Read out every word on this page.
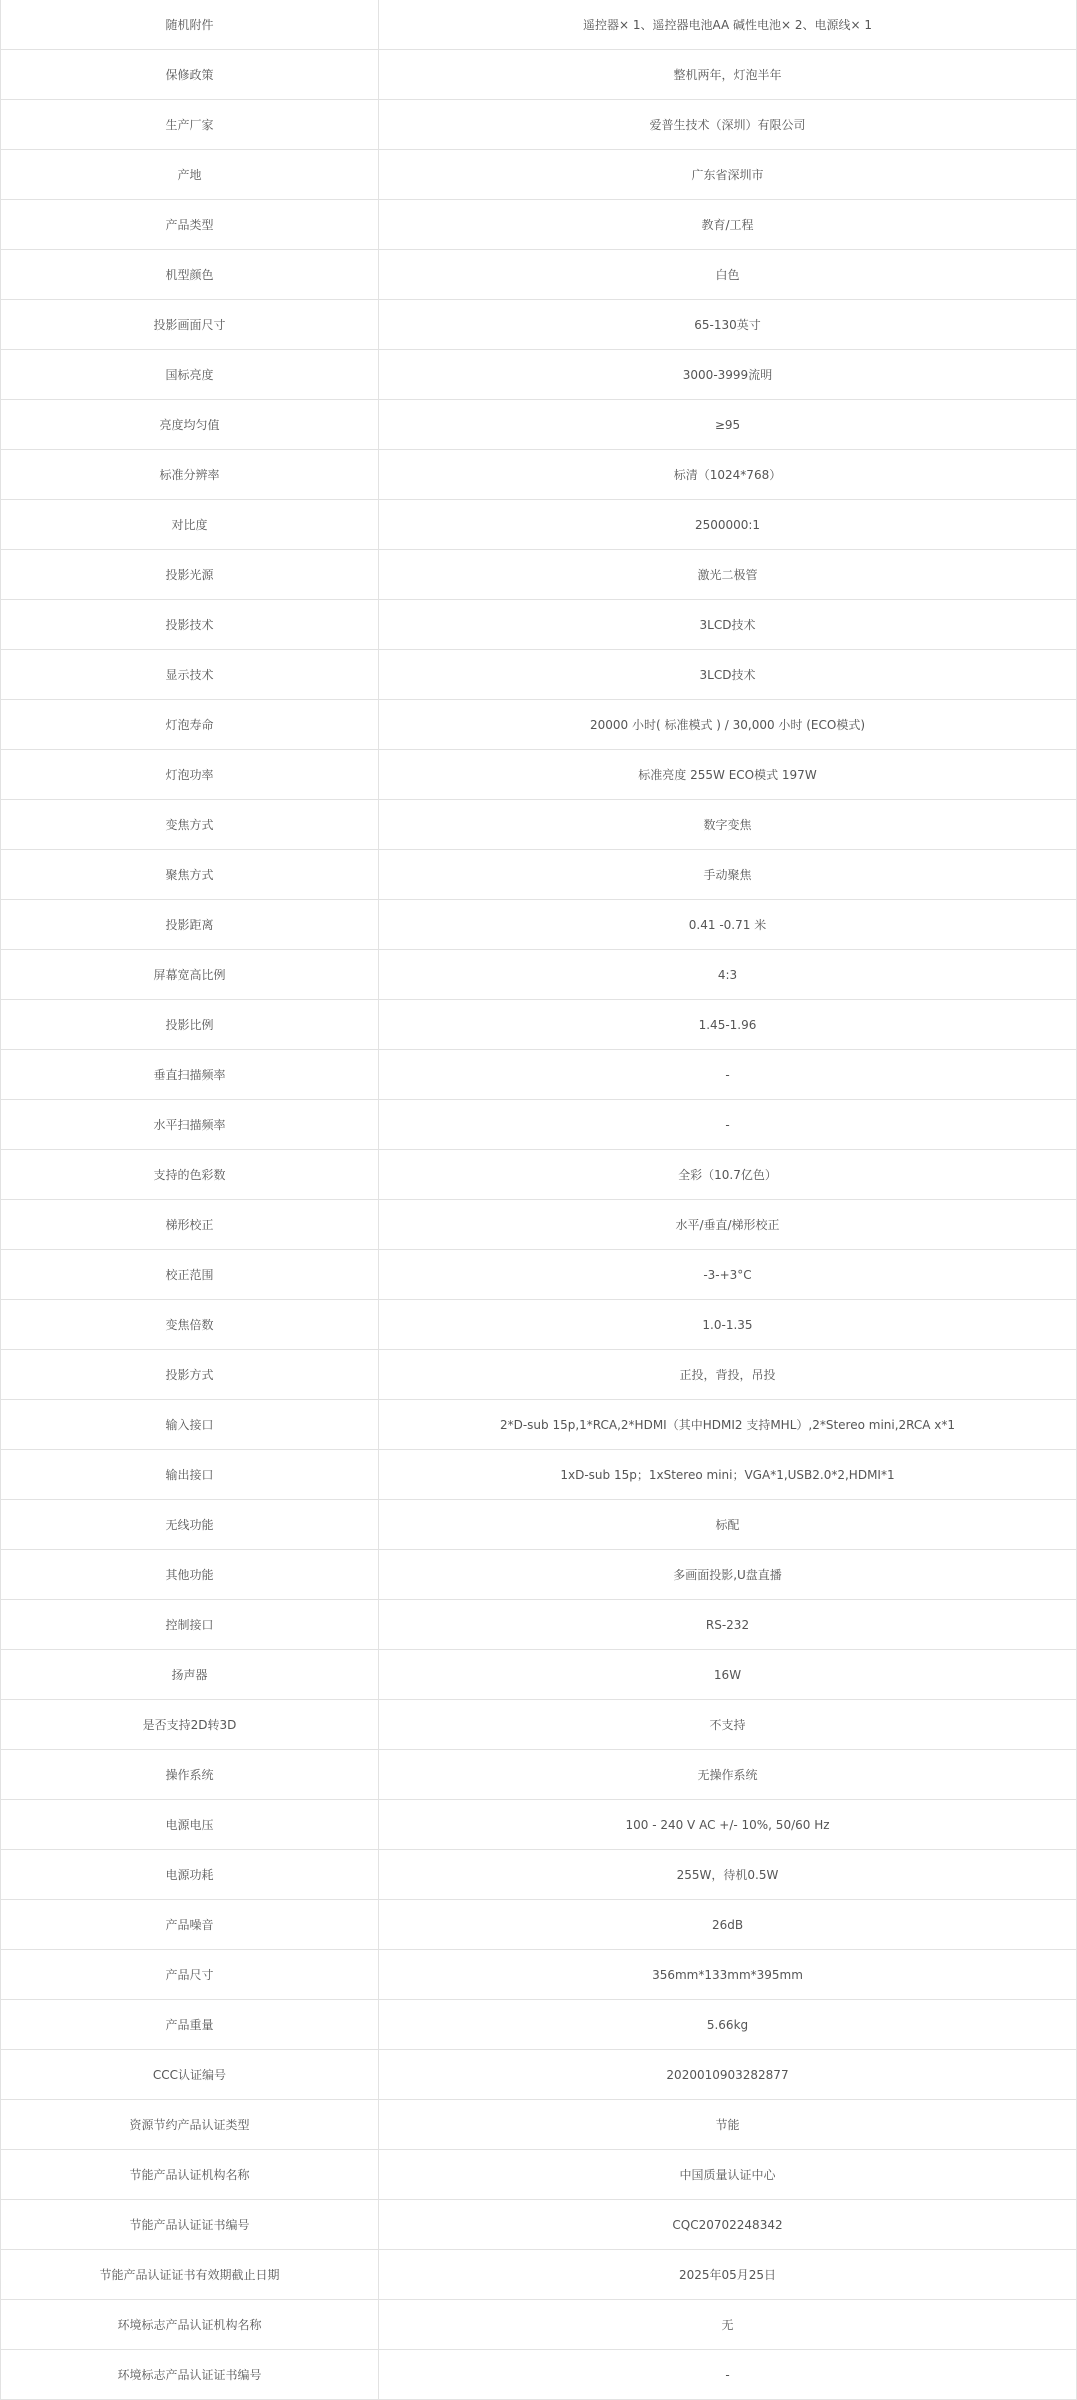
随机附件	遥控器× 1、遥控器电池AA 碱性电池× 2、电源线× 1
保修政策	整机两年，灯泡半年
生产厂家	爱普生技术（深圳）有限公司
产地	广东省深圳市
产品类型	教育/工程
机型颜色	白色
投影画面尺寸	65-130英寸
国标亮度	3000-3999流明
亮度均匀值	≥95
标准分辨率	标清（1024*768）
对比度	2500000:1
投影光源	激光二极管
投影技术	3LCD技术
显示技术	3LCD技术
灯泡寿命	20000 小时( 标准模式 ) / 30,000 小时 (ECO模式)
灯泡功率	标准亮度 255W ECO模式 197W
变焦方式	数字变焦
聚焦方式	手动聚焦
投影距离	0.41 -0.71 米
屏幕宽高比例	4:3
投影比例	1.45-1.96
垂直扫描频率	-
水平扫描频率	-
支持的色彩数	全彩（10.7亿色）
梯形校正	水平/垂直/梯形校正
校正范围	-3-+3°C
变焦倍数	1.0-1.35
投影方式	正投，背投，吊投
输入接口	2*D-sub 15p,1*RCA,2*HDMI（其中HDMI2 支持MHL）,2*Stereo mini,2RCA x*1
输出接口	1xD-sub 15p；1xStereo mini；VGA*1,USB2.0*2,HDMI*1
无线功能	标配
其他功能	多画面投影,U盘直播
控制接口	RS-232
扬声器	16W
是否支持2D转3D	不支持
操作系统	无操作系统
电源电压	100 - 240 V AC +/- 10%, 50/60 Hz
电源功耗	255W，待机0.5W
产品噪音	26dB
产品尺寸	356mm*133mm*395mm
产品重量	5.66kg
CCC认证编号	2020010903282877
资源节约产品认证类型	节能
节能产品认证机构名称	中国质量认证中心
节能产品认证证书编号	CQC20702248342
节能产品认证证书有效期截止日期	2025年05月25日
环境标志产品认证机构名称	无
环境标志产品认证证书编号	-
